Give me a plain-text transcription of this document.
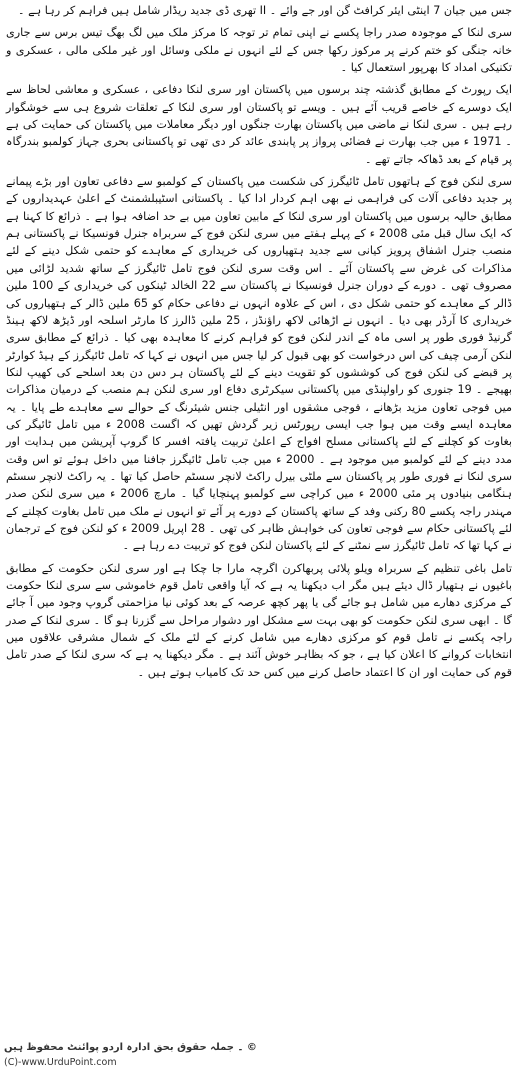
جس میں جیان 7 اینٹی ایئر کرافٹ گن اور جے وائے ۔ II تھری ڈی جدید ریڈار شامل ہیں فراہم کر رہا ہے ۔

سری لنکا کے موجودہ صدر راجا پکسے نے اپنی تمام تر توجہ کا مرکز ملک میں لگ بھگ تیس برس سے جاری خانہ جنگی کو ختم کرنے پر مرکوز رکھا جس کے لئے انہوں نے ملکی وسائل اور غیر ملکی مالی ، عسکری و تکنیکی امداد کا بھرپور استعمال کیا ۔

ایک رپورٹ کے مطابق گذشتہ چند برسوں میں پاکستان اور سری لنکا دفاعی ، عسکری و معاشی لحاظ سے ایک دوسرے کے خاصے قریب آئے ہیں ۔ ویسے تو پاکستان اور سری لنکا کے تعلقات شروع ہی سے خوشگوار رہے ہیں ۔ سری لنکا نے ماضی میں پاکستان بھارت جنگوں اور دیگر معاملات میں پاکستان کی حمایت کی ہے ۔ 1971 ء میں جب بھارت نے فضائی پرواز پر پابندی عائد کر دی تھی تو پاکستانی بحری جہاز کولمبو بندرگاہ پر قیام کے بعد ڈھاکہ جاتے تھے ۔

سری لنکن فوج کے ہاتھوں تامل ٹائیگرز کی شکست میں پاکستان کے کولمبو سے دفاعی تعاون اور بڑے پیمانے پر جدید دفاعی آلات کی فراہمی نے بھی اہم کردار ادا کیا ۔ پاکستانی اسٹیبلشمنٹ کے اعلیٰ عہدیداروں کے مطابق حالیہ برسوں میں پاکستان اور سری لنکا کے مابین تعاون میں بے حد اضافہ ہوا ہے ۔ ذرائع کا کہنا ہے کہ ایک سال قبل مئی 2008 ء کے پہلے ہفتے میں سری لنکن فوج کے سربراہ جنرل فونسیکا نے پاکستانی ہم منصب جنرل اشفاق پرویز کیانی سے جدید ہتھیاروں کی خریداری کے معاہدے کو حتمی شکل دینے کے لئے مذاکرات کی غرض سے پاکستان آئے ۔ اس وقت سری لنکن فوج تامل ٹائیگرز کے ساتھ شدید لڑائی میں مصروف تھی ۔ دورے کے دوران جنرل فونسیکا نے پاکستان سے 22 الخالد ٹینکوں کی خریداری کے 100 ملین ڈالر کے معاہدے کو حتمی شکل دی ، اس کے علاوہ انہوں نے دفاعی حکام کو 65 ملین ڈالر کے ہتھیاروں کی خریداری کا آرڈر بھی دیا ۔ انہوں نے اڑھائی لاکھ راؤنڈز ، 25 ملین ڈالرز کا مارٹر اسلحہ اور ڈیڑھ لاکھ ہینڈ گرنیڈ فوری طور پر اسی ماہ کے اندر لنکن فوج کو فراہم کرنے کا معاہدہ بھی کیا ۔ ذرائع کے مطابق سری لنکن آرمی چیف کی اس درخواست کو بھی قبول کر لیا جس میں انہوں نے کہا کہ تامل ٹائیگرز کے ہیڈ کوارٹر پر قبضے کی لنکن فوج کی کوششوں کو تقویت دینے کے لئے پاکستان ہر دس دن بعد اسلحے کی کھیپ لنکا بھیجے ۔ 19 جنوری کو راولپنڈی میں پاکستانی سیکرٹری دفاع اور سری لنکن ہم منصب کے درمیان مذاکرات میں فوجی تعاون مزید بڑھانے ، فوجی مشقوں اور انٹیلی جنس شیئرنگ کے حوالے سے معاہدے طے پایا ۔ یہ معاہدہ ایسے وقت میں ہوا جب ایسی رپورٹس زیر گردش تھیں کہ اگست 2008 ء میں تامل ٹائیگر کی بغاوت کو کچلنے کے لئے پاکستانی مسلح افواج کے اعلیٰ تربیت یافتہ افسر کا گروپ آپریشن میں ہدایت اور مدد دینے کے لئے کولمبو میں موجود ہے ۔ 2000 ء میں جب تامل ٹائیگرز جافنا میں داخل ہوئے تو اس وقت سری لنکا نے فوری طور پر پاکستان سے ملٹی بیرل راکٹ لانچر سسٹم حاصل کیا تھا ۔ یہ راکٹ لانچر سسٹم ہنگامی بنیادوں پر مئی 2000 ء میں کراچی سے کولمبو پہنچایا گیا ۔ مارچ 2006 ء میں سری لنکن صدر مہندر راجہ پکسے 80 رکنی وفد کے ساتھ پاکستان کے دورے پر آئے تو انہوں نے ملک میں تامل بغاوت کچلنے کے لئے پاکستانی حکام سے فوجی تعاون کی خواہش ظاہر کی تھی ۔ 28 اپریل 2009 ء کو لنکن فوج کے ترجمان نے کہا تھا کہ تامل ٹائیگرز سے نمٹنے کے لئے پاکستان لنکن فوج کو تربیت دے رہا ہے ۔

تامل باغی تنظیم کے سربراہ ویلو پلائی پربھاکرن اگرچہ مارا جا چکا ہے اور سری لنکن حکومت کے مطابق باغیوں نے ہتھیار ڈال دیئے ہیں مگر اب دیکھنا یہ ہے کہ آیا واقعی تامل قوم خاموشی سے سری لنکا حکومت کے مرکزی دھارے میں شامل ہو جائے گی یا پھر کچھ عرصہ کے بعد کوئی نیا مزاحمتی گروپ وجود میں آ جائے گا ۔ ابھی سری لنکن حکومت کو بھی بہت سے مشکل اور دشوار مراحل سے گزرنا ہو گا ۔ سری لنکا کے صدر راجہ پکسے نے تامل قوم کو مرکزی دھارے میں شامل کرنے کے لئے ملک کے شمال مشرقی علاقوں میں انتخابات کروانے کا اعلان کیا ہے ، جو کہ بظاہر خوش آئند ہے ۔ مگر دیکھنا یہ ہے کہ سری لنکا کے صدر تامل قوم کی حمایت اور ان کا اعتماد حاصل کرنے میں کس حد تک کامیاب ہوتے ہیں ۔

© ۔ جملہ حقوق بحق ادارہ اردو پوائنٹ محفوظ ہیں
(C)-www.UrduPoint.com
